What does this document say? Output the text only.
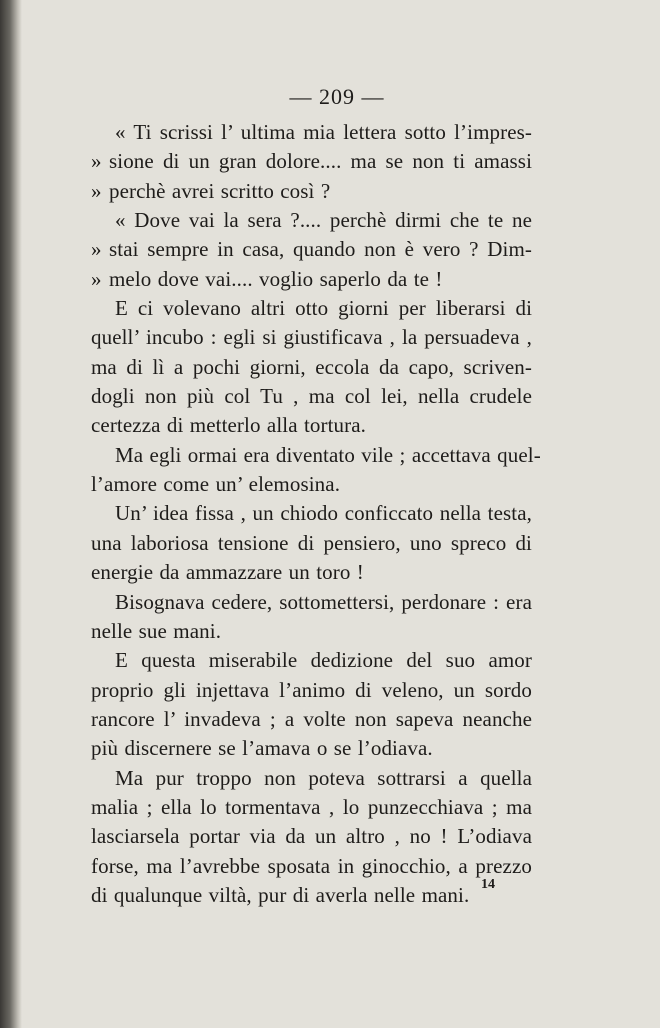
— 209 —
« Ti scrissi l’ ultima mia lettera sotto l’impres-
» sione di un gran dolore.... ma se non ti amassi
» perchè avrei scritto così ?
« Dove vai la sera ?.... perchè dirmi che te ne
» stai sempre in casa, quando non è vero ? Dim-
» melo dove vai.... voglio saperlo da te !
E ci volevano altri otto giorni per liberarsi di
quell’ incubo : egli si giustificava , la persuadeva ,
ma di lì a pochi giorni, eccola da capo, scriven-
dogli non più col Tu , ma col lei, nella crudele
certezza di metterlo alla tortura.
Ma egli ormai era diventato vile ; accettava quel-
l’amore come un’ elemosina.
Un’ idea fissa , un chiodo conficcato nella testa,
una laboriosa tensione di pensiero, uno spreco di
energie da ammazzare un toro !
Bisognava cedere, sottomettersi, perdonare : era
nelle sue mani.
E questa miserabile dedizione del suo amor
proprio gli injettava l’animo di veleno, un sordo
rancore l’ invadeva ; a volte non sapeva neanche
più discernere se l’amava o se l’odiava.
Ma pur troppo non poteva sottrarsi a quella
malia ; ella lo tormentava , lo punzecchiava ; ma
lasciarsela portar via da un altro , no ! L’odiava
forse, ma l’avrebbe sposata in ginocchio, a prezzo
di qualunque viltà, pur di averla nelle mani. 14
